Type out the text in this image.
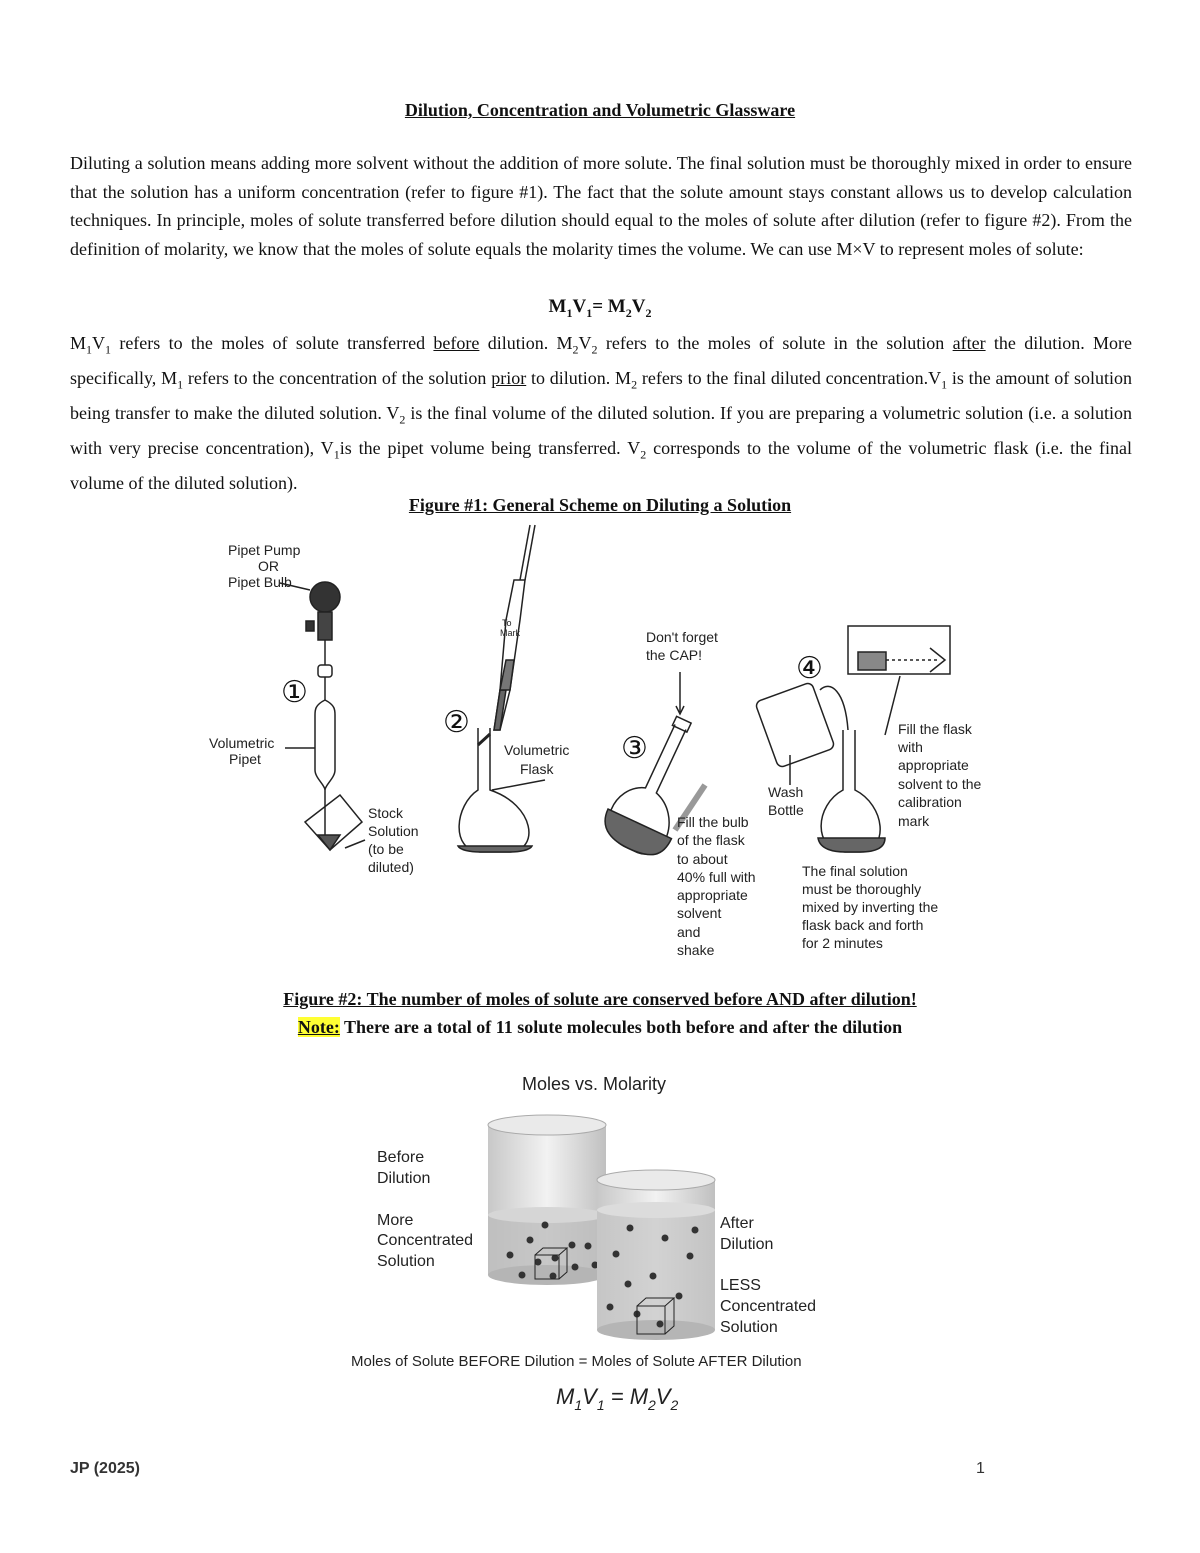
Dilution, Concentration and Volumetric Glassware
Diluting a solution means adding more solvent without the addition of more solute. The final solution must be thoroughly mixed in order to ensure that the solution has a uniform concentration (refer to figure #1). The fact that the solute amount stays constant allows us to develop calculation techniques. In principle, moles of solute transferred before dilution should equal to the moles of solute after dilution (refer to figure #2). From the definition of molarity, we know that the moles of solute equals the molarity times the volume. We can use M×V to represent moles of solute:
$M_1V_1= M_2V_2$
$M_1V_1$ refers to the moles of solute transferred before dilution. $M_2V_2$ refers to the moles of solute in the solution after the dilution. More specifically, $M_1$ refers to the concentration of the solution prior to dilution. $M_2$ refers to the final diluted $concentration.V_1$ is the amount of solution being transfer to make the diluted solution. $V_2$ is the final volume of the diluted solution. If you are preparing a volumetric solution (i.e. a solution with very precise concentration), $V_1is$ the pipet volume being transferred. $V_2$ corresponds to the volume of the volumetric flask (i.e. the final volume of the diluted solution).
Figure #1: General Scheme on Diluting a Solution
①
②
③
④
Pipet Pump
OR
Pipet Bulb
Volumetric
Pipet
Stock
Solution
(to be
diluted)
To
Mark
Volumetric
Flask
Don't forget
the CAP!
Fill the bulb
of the flask
to about
40% full with
appropriate
solvent
and
shake
Wash
Bottle
Fill the flask
with
appropriate
solvent to the
calibration
mark
The final solution
must be thoroughly
mixed by inverting the
flask back and forth
for 2 minutes
Figure #2: The number of moles of solute are conserved before AND after dilution!
Note: There are a total of 11 solute molecules both before and after the dilution
Moles vs. Molarity
Before
Dilution
More
Concentrated
Solution
After
Dilution
LESS
Concentrated
Solution
Moles of Solute BEFORE Dilution = Moles of Solute AFTER Dilution
$M_1V_1 = M_2V_2$
JP (2025)	1
